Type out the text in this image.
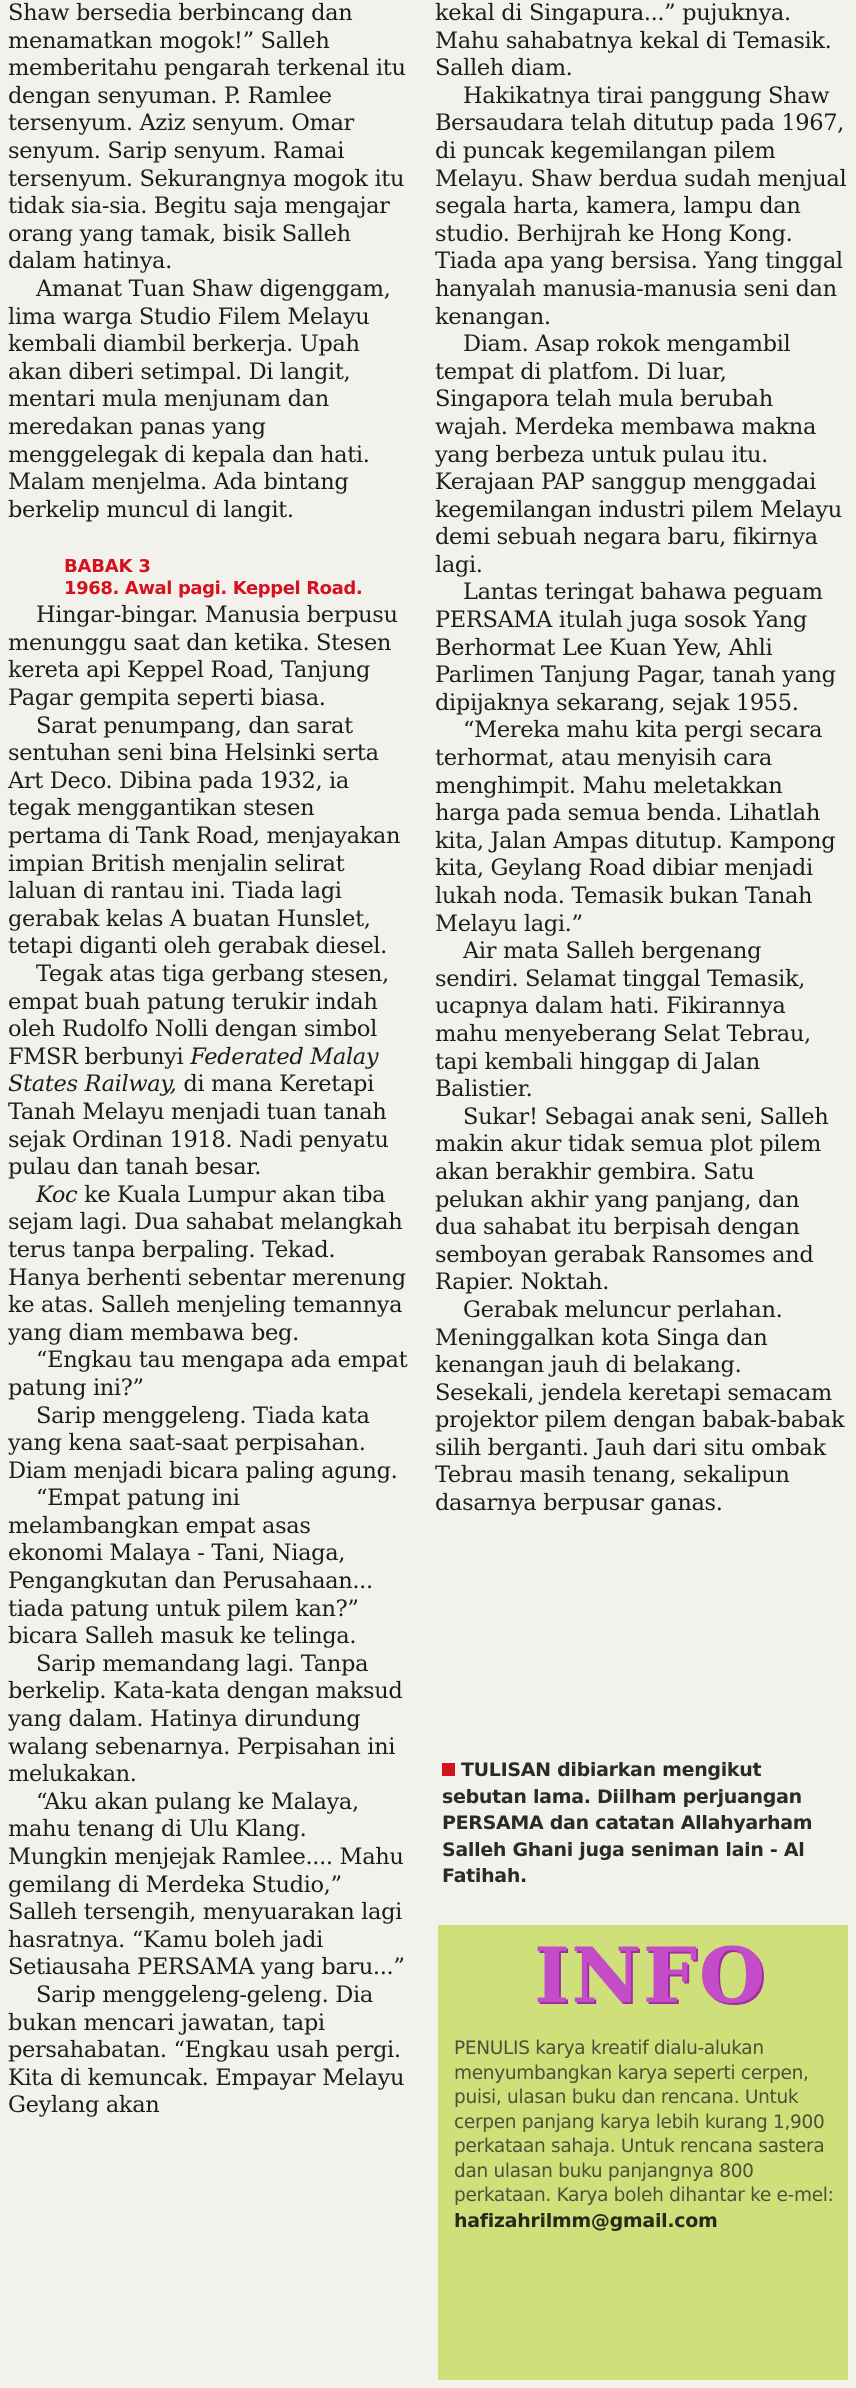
Shaw bersedia berbincang dan menamatkan mogok!” Salleh memberitahu pengarah terkenal itu dengan senyuman. P. Ramlee tersenyum. Aziz senyum. Omar senyum. Sarip senyum. Ramai tersenyum. Sekurangnya mogok itu tidak sia-sia. Begitu saja mengajar orang yang tamak, bisik Salleh dalam hatinya.

Amanat Tuan Shaw digenggam, lima warga Studio Filem Melayu kembali diambil berkerja. Upah akan diberi setimpal. Di langit, mentari mula menjunam dan meredakan panas yang menggelegak di kepala dan hati. Malam menjelma. Ada bintang berkelip muncul di langit.

BABAK 3
1968. Awal pagi. Keppel Road.

Hingar-bingar. Manusia berpusu menunggu saat dan ketika. Stesen kereta api Keppel Road, Tanjung Pagar gempita seperti biasa.

Sarat penumpang, dan sarat sentuhan seni bina Helsinki serta Art Deco. Dibina pada 1932, ia tegak menggantikan stesen pertama di Tank Road, menjayakan impian British menjalin selirat laluan di rantau ini. Tiada lagi gerabak kelas A buatan Hunslet, tetapi diganti oleh gerabak diesel.

Tegak atas tiga gerbang stesen, empat buah patung terukir indah oleh Rudolfo Nolli dengan simbol FMSR berbunyi Federated Malay States Railway, di mana Keretapi Tanah Melayu menjadi tuan tanah sejak Ordinan 1918. Nadi penyatu pulau dan tanah besar.

Koc ke Kuala Lumpur akan tiba sejam lagi. Dua sahabat melangkah terus tanpa berpaling. Tekad. Hanya berhenti sebentar merenung ke atas. Salleh menjeling temannya yang diam membawa beg.

“Engkau tau mengapa ada empat patung ini?”

Sarip menggeleng. Tiada kata yang kena saat-saat perpisahan. Diam menjadi bicara paling agung.

“Empat patung ini melambangkan empat asas ekonomi Malaya - Tani, Niaga, Pengangkutan dan Perusahaan... tiada patung untuk pilem kan?” bicara Salleh masuk ke telinga.

Sarip memandang lagi. Tanpa berkelip. Kata-kata dengan maksud yang dalam. Hatinya dirundung walang sebenarnya. Perpisahan ini melukakan.

“Aku akan pulang ke Malaya, mahu tenang di Ulu Klang. Mungkin menjejak Ramlee.... Mahu gemilang di Merdeka Studio,” Salleh tersengih, menyuarakan lagi hasratnya. “Kamu boleh jadi Setiausaha PERSAMA yang baru...”

Sarip menggeleng-geleng. Dia bukan mencari jawatan, tapi persahabatan. “Engkau usah pergi. Kita di kemuncak. Empayar Melayu Geylang akan

kekal di Singapura...” pujuknya. Mahu sahabatnya kekal di Temasik. Salleh diam.

Hakikatnya tirai panggung Shaw Bersaudara telah ditutup pada 1967, di puncak kegemilangan pilem Melayu. Shaw berdua sudah menjual segala harta, kamera, lampu dan studio. Berhijrah ke Hong Kong. Tiada apa yang bersisa. Yang tinggal hanyalah manusia-manusia seni dan kenangan.

Diam. Asap rokok mengambil tempat di platfom. Di luar, Singapora telah mula berubah wajah. Merdeka membawa makna yang berbeza untuk pulau itu. Kerajaan PAP sanggup menggadai kegemilangan industri pilem Melayu demi sebuah negara baru, fikirnya lagi.

Lantas teringat bahawa peguam PERSAMA itulah juga sosok Yang Berhormat Lee Kuan Yew, Ahli Parlimen Tanjung Pagar, tanah yang dipijaknya sekarang, sejak 1955.

“Mereka mahu kita pergi secara terhormat, atau menyisih cara menghimpit. Mahu meletakkan harga pada semua benda. Lihatlah kita, Jalan Ampas ditutup. Kampong kita, Geylang Road dibiar menjadi lukah noda. Temasik bukan Tanah Melayu lagi.”

Air mata Salleh bergenang sendiri. Selamat tinggal Temasik, ucapnya dalam hati. Fikirannya mahu menyeberang Selat Tebrau, tapi kembali hinggap di Jalan Balistier.

Sukar! Sebagai anak seni, Salleh makin akur tidak semua plot pilem akan berakhir gembira. Satu pelukan akhir yang panjang, dan dua sahabat itu berpisah dengan semboyan gerabak Ransomes and Rapier. Noktah.

Gerabak meluncur perlahan. Meninggalkan kota Singa dan kenangan jauh di belakang. Sesekali, jendela keretapi semacam projektor pilem dengan babak-babak silih berganti. Jauh dari situ ombak Tebrau masih tenang, sekalipun dasarnya berpusar ganas.

TULISAN dibiarkan mengikut sebutan lama. Diilham perjuangan PERSAMA dan catatan Allahyarham Salleh Ghani juga seniman lain - Al Fatihah.
INFO
PENULIS karya kreatif dialu-alukan menyumbangkan karya seperti cerpen, puisi, ulasan buku dan rencana. Untuk cerpen panjang karya lebih kurang 1,900 perkataan sahaja. Untuk rencana sastera dan ulasan buku panjangnya 800 perkataan. Karya boleh dihantar ke e-mel:
hafizahrilmm@gmail.com
